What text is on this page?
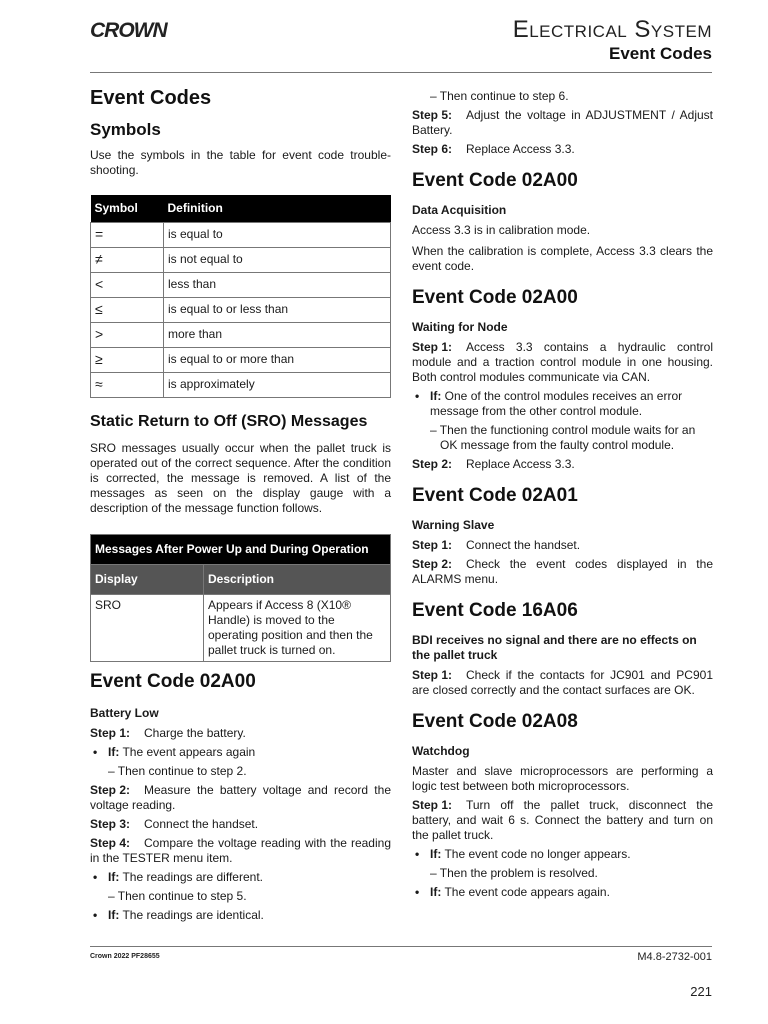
CROWN	Electrical System
Event Codes
Event Codes
Symbols

Use the symbols in the table for event code trouble-shooting.

Symbol	Definition
=	is equal to
≠	is not equal to
<	less than
≤	is equal to or less than
>	more than
≥	is equal to or more than
≈	is approximately
Static Return to Off (SRO) Messages

SRO messages usually occur when the pallet truck is operated out of the correct sequence. After the condition is corrected, the message is removed. A list of the messages as seen on the display gauge with a description of the message function follows.

Messages After Power Up and During Operation	
Display	Description
SRO	Appears if Access 8 (X10® Handle) is moved to the operating position and then the pallet truck is turned on.
Event Code 02A00
Battery Low
Step 1: Charge the battery.
• If: The event appears again
– Then continue to step 2.
Step 2: Measure the battery voltage and record the voltage reading.
Step 3: Connect the handset.
Step 4: Compare the voltage reading with the reading in the TESTER menu item.
• If: The readings are different.
– Then continue to step 5.
• If: The readings are identical.
– Then continue to step 6.
Step 5: Adjust the voltage in ADJUSTMENT / Adjust Battery.
Step 6: Replace Access 3.3.
Event Code 02A00
Data Acquisition

Access 3.3 is in calibration mode.

When the calibration is complete, Access 3.3 clears the event code.

Event Code 02A00
Waiting for Node
Step 1: Access 3.3 contains a hydraulic control module and a traction control module in one housing. Both control modules communicate via CAN.
• If: One of the control modules receives an error message from the other control module.
– Then the functioning control module waits for an OK message from the faulty control module.
Step 2: Replace Access 3.3.
Event Code 02A01
Warning Slave
Step 1: Connect the handset.
Step 2: Check the event codes displayed in the ALARMS menu.
Event Code 16A06
BDI receives no signal and there are no effects on the pallet truck
Step 1: Check if the contacts for JC901 and PC901 are closed correctly and the contact surfaces are OK.
Event Code 02A08
Watchdog

Master and slave microprocessors are performing a logic test between both microprocessors.

Step 1: Turn off the pallet truck, disconnect the battery, and wait 6 s. Connect the battery and turn on the pallet truck.
• If: The event code no longer appears.
– Then the problem is resolved.
• If: The event code appears again.
Crown 2022 PF28655	M4.8-2732-001
221
